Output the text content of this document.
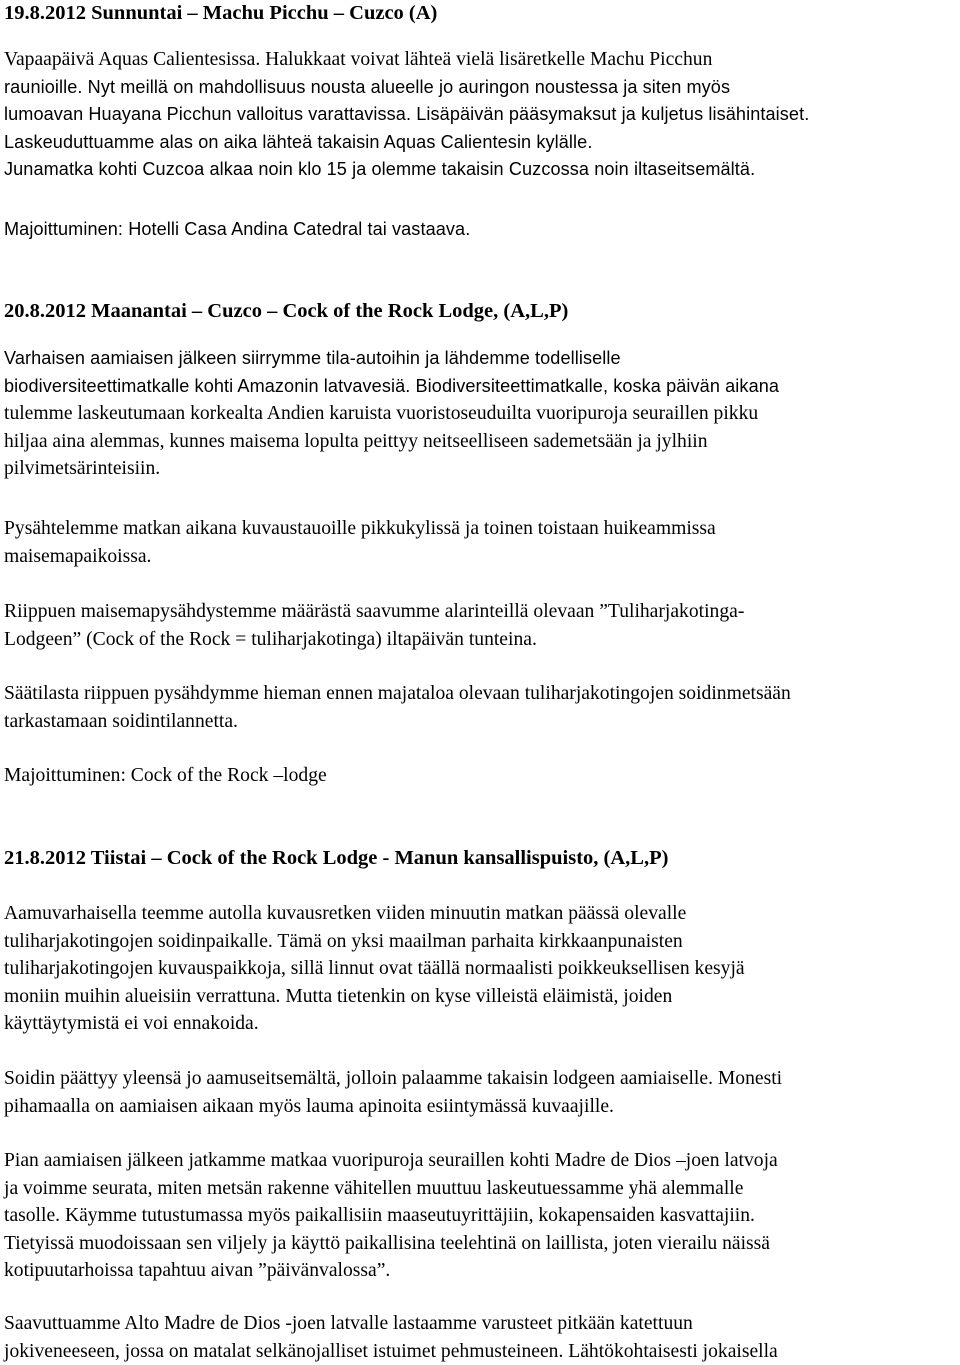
19.8.2012 Sunnuntai – Machu Picchu – Cuzco (A)

Vapaapäivä Aquas Calientesissa. Halukkaat voivat lähteä vielä lisäretkelle Machu Picchun
raunioille. Nyt meillä on mahdollisuus nousta alueelle jo auringon noustessa ja siten myös
lumoavan Huayana Picchun valloitus varattavissa. Lisäpäivän pääsymaksut ja kuljetus lisähintaiset.
Laskeuduttuamme alas on aika lähteä takaisin Aquas Calientesin kylälle.
Junamatka kohti Cuzcoa alkaa noin klo 15 ja olemme takaisin Cuzcossa noin iltaseitsemältä.

Majoittuminen: Hotelli Casa Andina Catedral tai vastaava.

20.8.2012 Maanantai – Cuzco – Cock of the Rock Lodge, (A,L,P)

Varhaisen aamiaisen jälkeen siirrymme tila-autoihin ja lähdemme todelliselle
biodiversiteettimatkalle kohti Amazonin latvavesiä. Biodiversiteettimatkalle, koska päivän aikana
tulemme laskeutumaan korkealta Andien karuista vuoristoseuduilta vuoripuroja seuraillen pikku
hiljaa aina alemmas, kunnes maisema lopulta peittyy neitseelliseen sademetsään ja jylhiin
pilvimetsärinteisiin.

Pysähtelemme matkan aikana kuvaustauoille pikkukylissä ja toinen toistaan huikeammissa
maisemapaikoissa.

Riippuen maisemapysähdystemme määrästä saavumme alarinteillä olevaan ”Tuliharjakotinga-
Lodgeen” (Cock of the Rock = tuliharjakotinga) iltapäivän tunteina.

Säätilasta riippuen pysähdymme hieman ennen majataloa olevaan tuliharjakotingojen soidinmetsään
tarkastamaan soidintilannetta.

Majoittuminen: Cock of the Rock –lodge

21.8.2012 Tiistai – Cock of the Rock Lodge - Manun kansallispuisto, (A,L,P)

Aamuvarhaisella teemme autolla kuvausretken viiden minuutin matkan päässä olevalle
tuliharjakotingojen soidinpaikalle. Tämä on yksi maailman parhaita kirkkaanpunaisten
tuliharjakotingojen kuvauspaikkoja, sillä linnut ovat täällä normaalisti poikkeuksellisen kesyjä
moniin muihin alueisiin verrattuna. Mutta tietenkin on kyse villeistä eläimistä, joiden
käyttäytymistä ei voi ennakoida.

Soidin päättyy yleensä jo aamuseitsemältä, jolloin palaamme takaisin lodgeen aamiaiselle. Monesti
pihamaalla on aamiaisen aikaan myös lauma apinoita esiintymässä kuvaajille.

Pian aamiaisen jälkeen jatkamme matkaa vuoripuroja seuraillen kohti Madre de Dios –joen latvoja
ja voimme seurata, miten metsän rakenne vähitellen muuttuu laskeutuessamme yhä alemmalle
tasolle. Käymme tutustumassa myös paikallisiin maaseutuyrittäjiin, kokapensaiden kasvattajiin.
Tietyissä muodoissaan sen viljely ja käyttö paikallisina teelehtinä on laillista, joten vierailu näissä
kotipuutarhoissa tapahtuu aivan ”päivänvalossa”.

Saavuttuamme Alto Madre de Dios -joen latvalle lastaamme varusteet pitkään katettuun
jokiveneeseen, jossa on matalat selkänojalliset istuimet pehmusteineen. Lähtökohtaisesti jokaisella
